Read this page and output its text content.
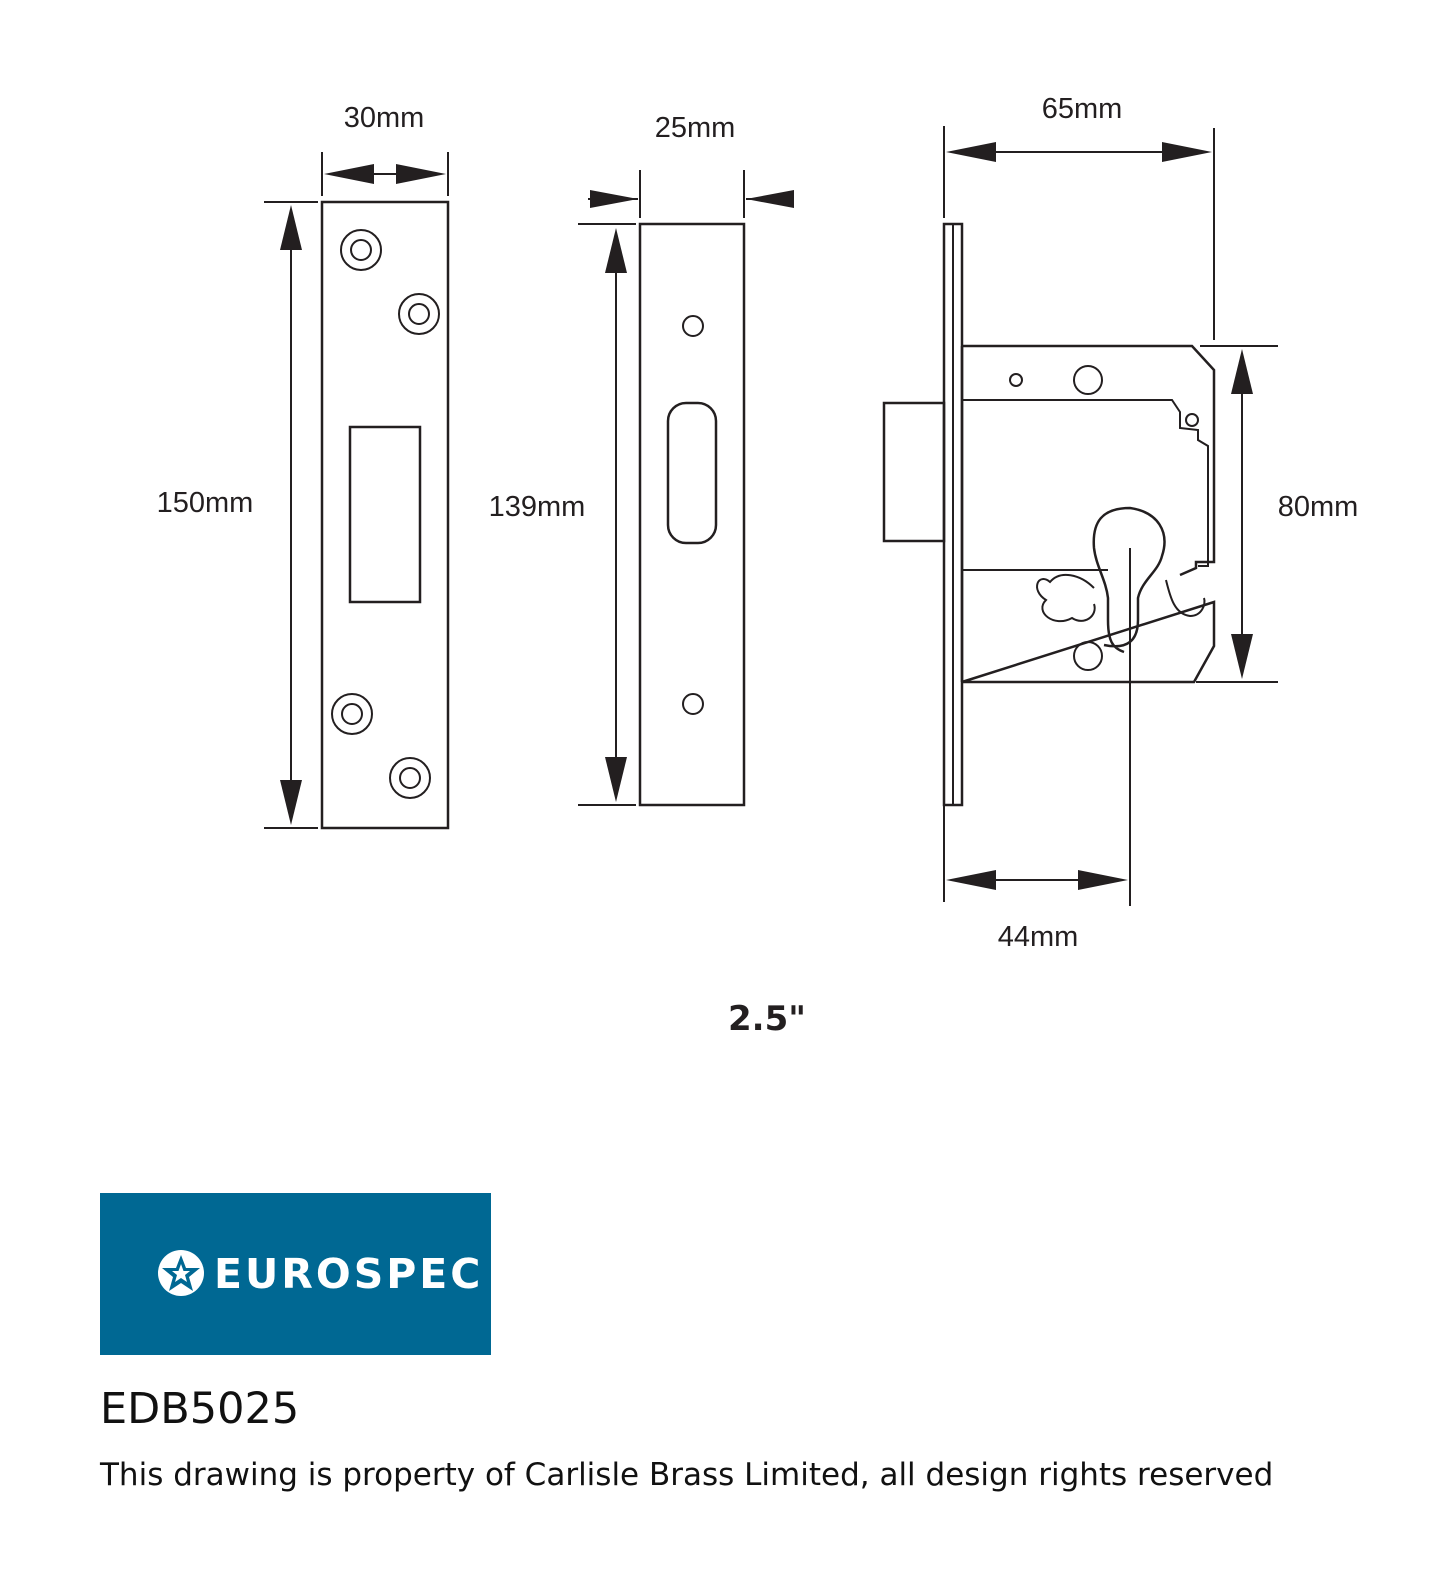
30mm
150mm
25mm
139mm
65mm
80mm
44mm
2.5"
EUROSPEC
EDB5025
This drawing is property of Carlisle Brass Limited, all design rights reserved
